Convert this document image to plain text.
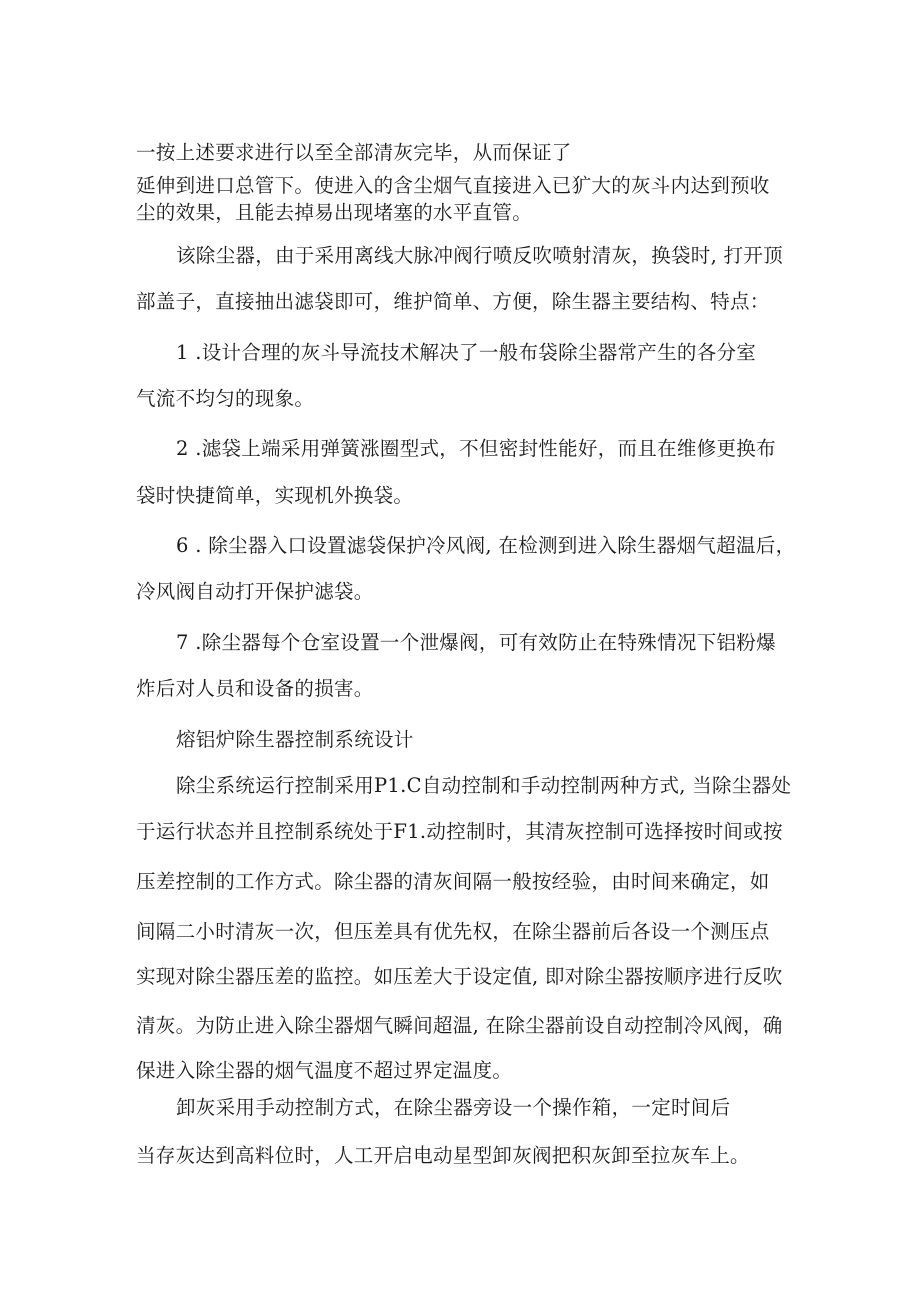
一按上述要求进行以至全部清灰完毕，从而保证了
延伸到进口总管下。使进入的含尘烟气直接进入已犷大的灰斗内达到预收
尘的效果，且能去掉易出现堵塞的水平直管。
该除尘器，由于采用离线大脉冲阀行喷反吹喷射清灰，换袋时, 打开顶
部盖子，直接抽出滤袋即可，维护简单、方便，除生器主要结构、特点：
1 .设计合理的灰斗导流技术解决了一般布袋除尘器常产生的各分室
气流不均匀的现象。
2 .滤袋上端采用弹簧涨圈型式，不但密封性能好，而且在维修更换布
袋时快捷简单，实现机外换袋。
6 . 除尘器入口设置滤袋保护冷风阀, 在检测到进入除生器烟气超温后，
冷风阀自动打开保护滤袋。
7 .除尘器每个仓室设置一个泄爆阀，可有效防止在特殊情况下铝粉爆
炸后对人员和设备的损害。
熔铝炉除生器控制系统设计
除尘系统运行控制采用P1.C自动控制和手动控制两种方式, 当除尘器处
于运行状态并且控制系统处于F1.动控制时，其清灰控制可选择按时间或按
压差控制的工作方式。除尘器的清灰间隔一般按经验，由时间来确定，如
间隔二小时清灰一次，但压差具有优先权，在除尘器前后各设一个测压点
实现对除尘器压差的监控。如压差大于设定值, 即对除尘器按顺序进行反吹
清灰。为防止进入除尘器烟气瞬间超温, 在除尘器前设自动控制冷风阀，确
保进入除尘器的烟气温度不超过界定温度。
卸灰采用手动控制方式，在除尘器旁设一个操作箱，一定时间后
当存灰达到高料位时，人工开启电动星型卸灰阀把积灰卸至拉灰车上。
